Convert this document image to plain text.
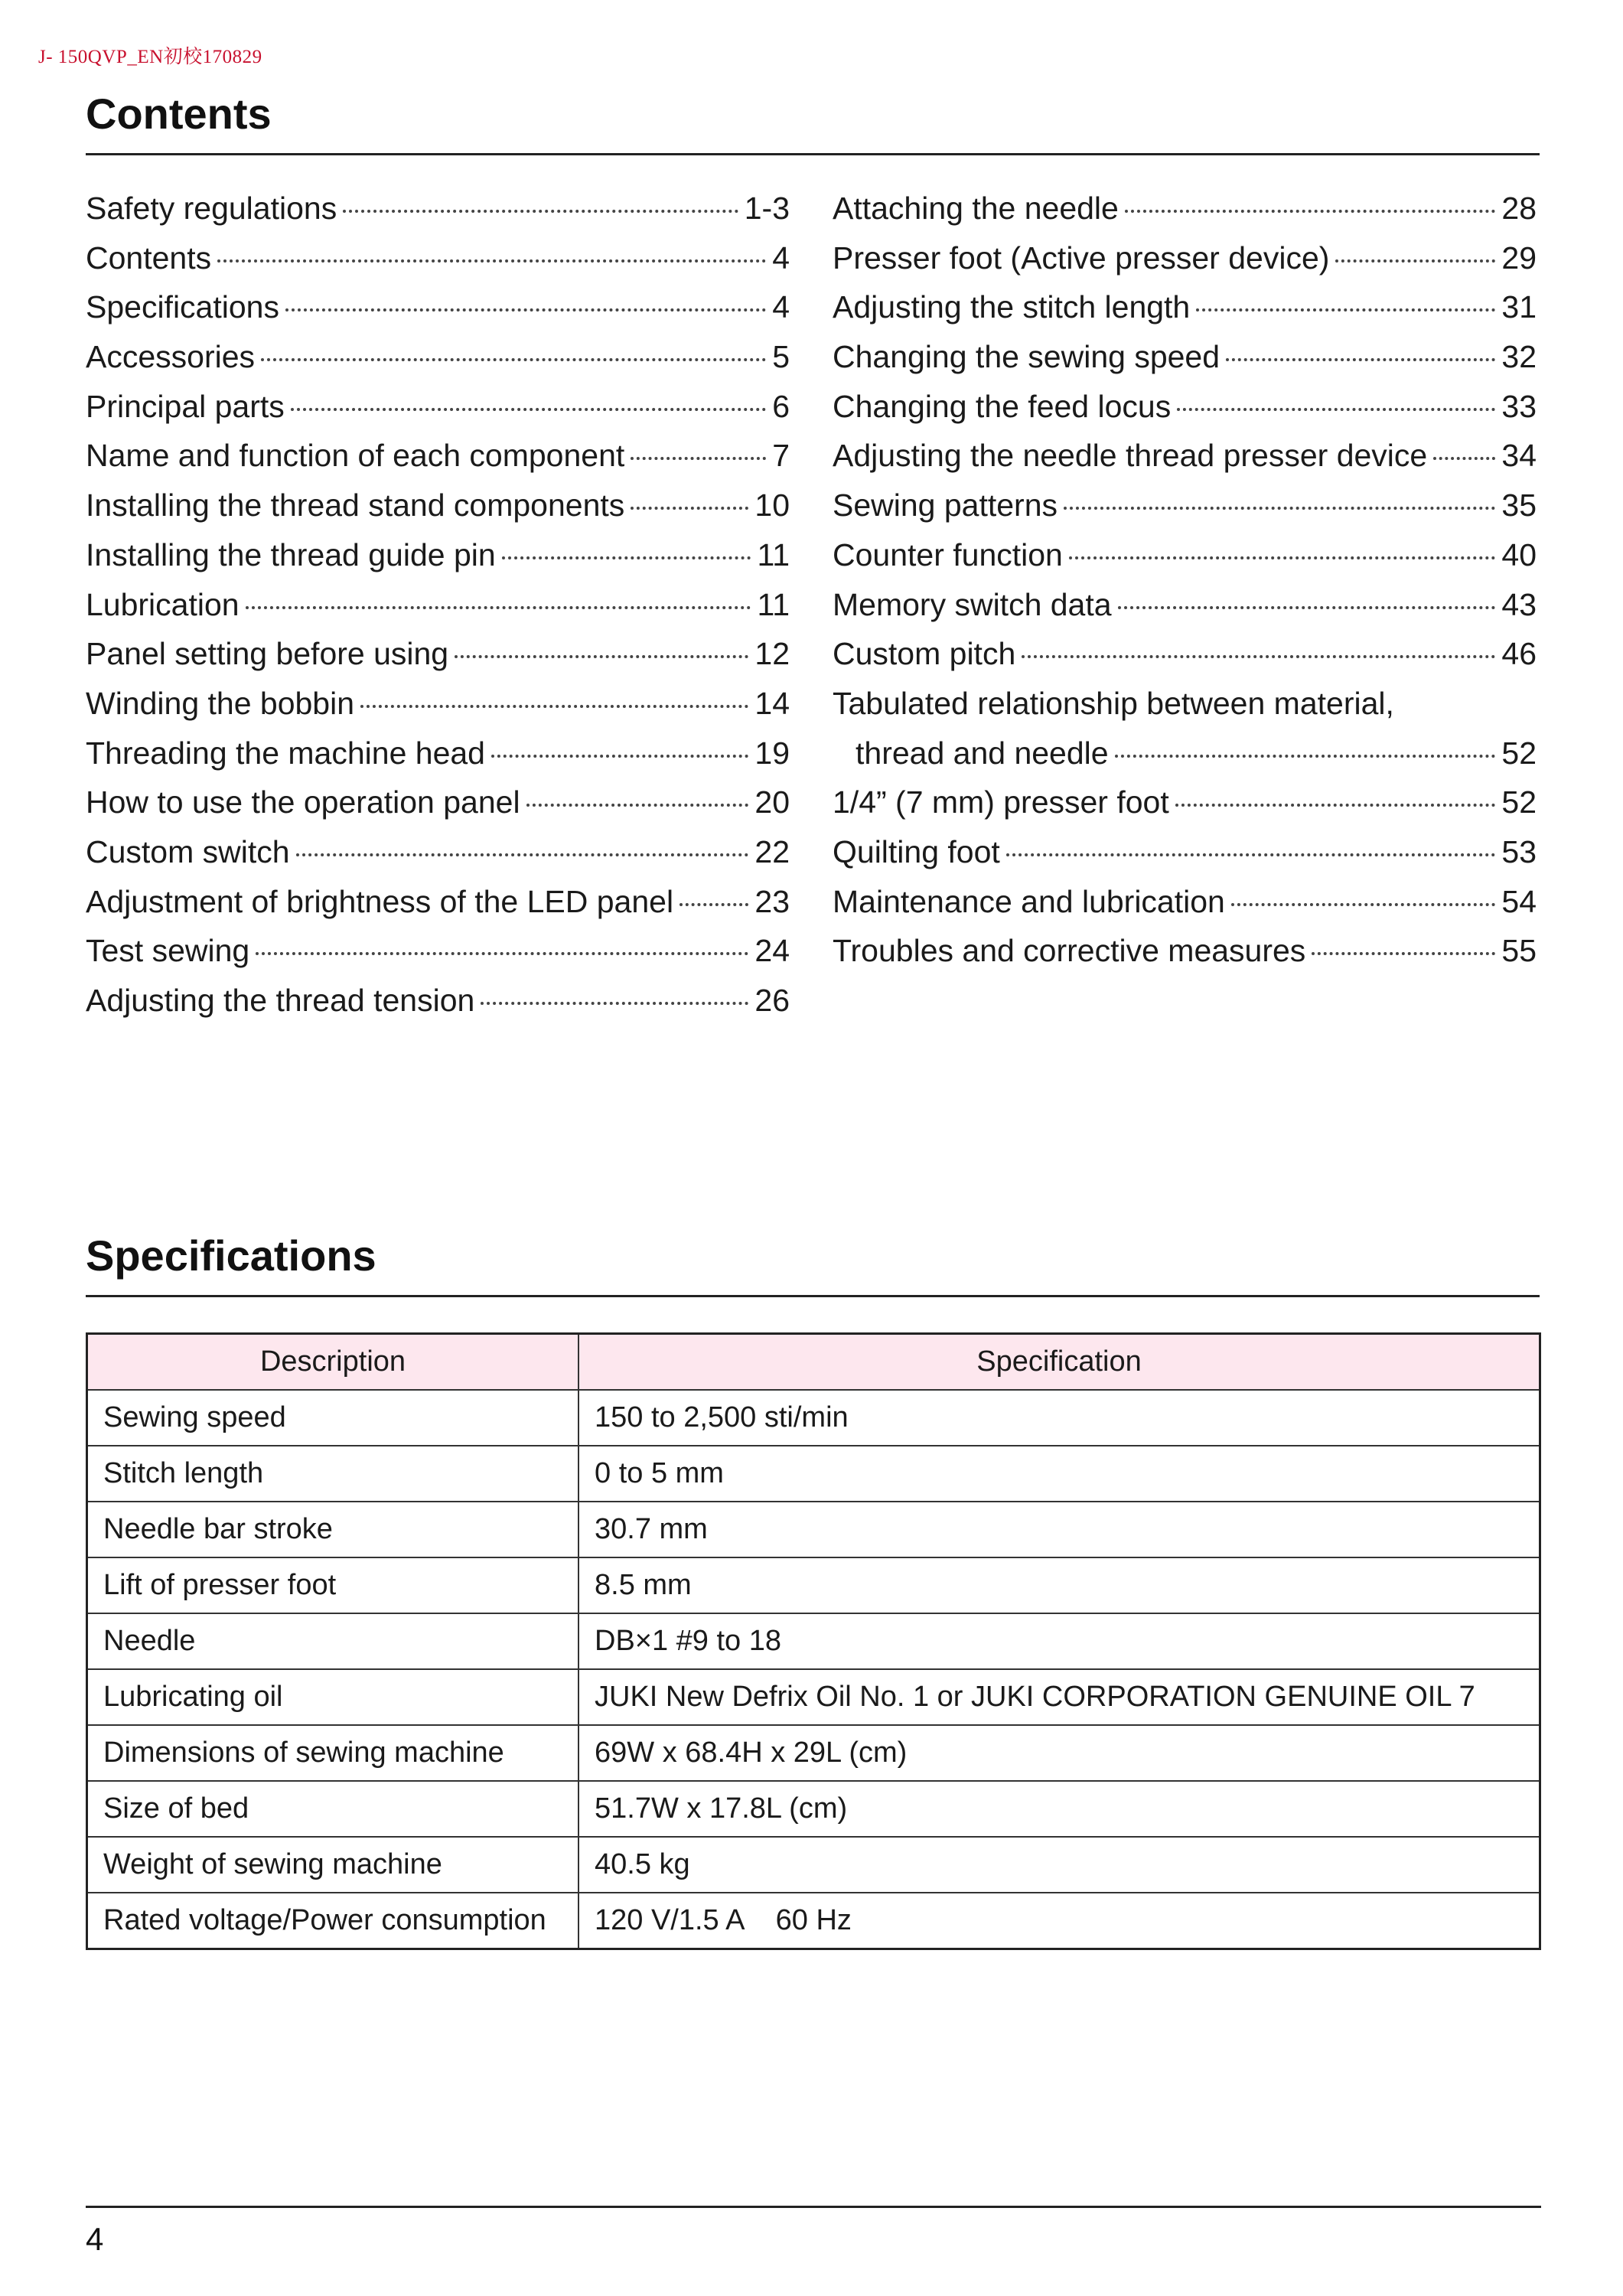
J- 150QVP_EN初校170829
Contents
Safety regulations	1-3
Contents	4
Specifications	4
Accessories	5
Principal parts	6
Name and function of each component	7
Installing the thread stand components	10
Installing the thread guide pin	11
Lubrication	11
Panel setting before using	12
Winding the bobbin	14
Threading the machine head	19
How to use the operation panel	20
Custom switch	22
Adjustment of brightness of the LED panel	23
Test sewing	24
Adjusting the thread tension	26
Attaching the needle	28
Presser foot (Active presser device)	29
Adjusting the stitch length	31
Changing the sewing speed	32
Changing the feed locus	33
Adjusting the needle thread presser device 34
Sewing patterns	35
Counter function	40
Memory switch data	43
Custom pitch	46
Tabulated relationship between material,
thread and needle	52
1/4” (7 mm) presser foot	52
Quilting foot	53
Maintenance and lubrication	54
Troubles and corrective measures	55
Specifications
Description	Specification
Sewing speed	150 to 2,500 sti/min
Stitch length	0 to 5 mm
Needle bar stroke	30.7 mm
Lift of presser foot	8.5 mm
Needle	DB×1 #9 to 18
Lubricating oil	JUKI New Defrix Oil No. 1 or JUKI CORPORATION GENUINE OIL 7
Dimensions of sewing machine	69W x 68.4H x 29L (cm)
Size of bed	51.7W x 17.8L (cm)
Weight of sewing machine	40.5 kg
Rated voltage/Power consumption	120 V/1.5 A    60 Hz
4
